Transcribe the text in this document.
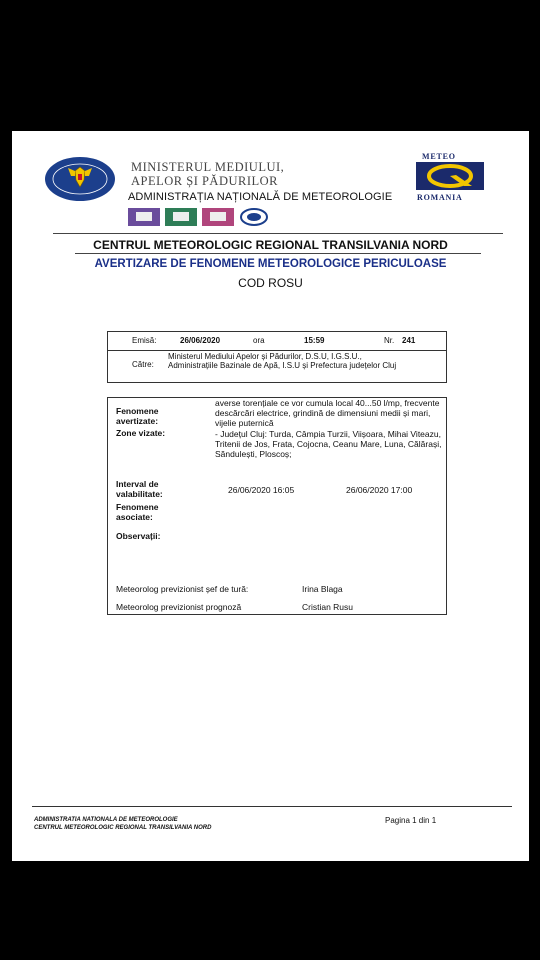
MINISTERUL MEDIULUI,
APELOR ȘI PĂDURILOR
ADMINISTRAȚIA NAȚIONALĂ DE METEOROLOGIE
METEO
ROMANIA
CENTRUL METEOROLOGIC REGIONAL TRANSILVANIA NORD
AVERTIZARE DE FENOMENE METEOROLOGICE PERICULOASE
COD ROSU
Emisă:	26/06/2020	ora	15:59	Nr. 241
Către:
Ministerul Mediului Apelor și Pădurilor, D.S.U, I.G.S.U., Administrațiile Bazinale de Apă, I.S.U și Prefectura județelor Cluj
Fenomene avertizate:
averse torențiale ce vor cumula local 40...50 l/mp, frecvente descărcări electrice, grindină de dimensiuni medii și mari, vijelie puternică
Zone vizate:	- Județul Cluj: Turda, Câmpia Turzii, Viișoara, Mihai Viteazu, Tritenii de Jos, Frata, Cojocna, Ceanu Mare, Luna, Călărași, Săndulești, Ploscoș;
Interval de valabilitate:	26/06/2020 16:05	26/06/2020 17:00
Fenomene asociate:
Observații:
Meteorolog previzionist șef de tură:	Irina Blaga
Meteorolog previzionist prognoză	Cristian Rusu
ADMINISTRATIA NATIONALA DE METEOROLOGIE
CENTRUL METEOROLOGIC REGIONAL TRANSILVANIA NORD
Pagina 1 din 1
